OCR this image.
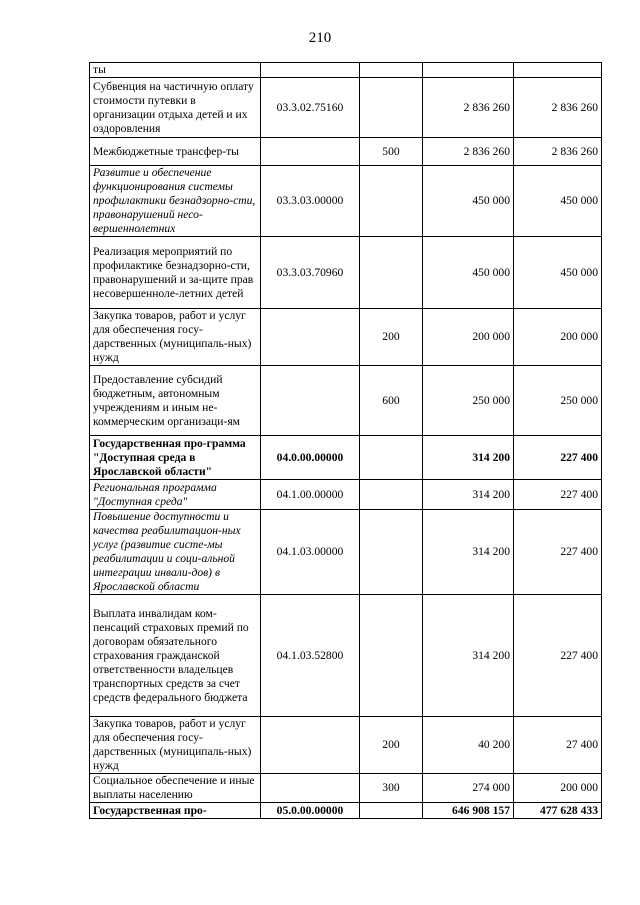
210
ты				
Субвенция на частичную оплату стоимости путевки в организации отдыха детей и их оздоровления	03.3.02.75160		2 836 260	2 836 260
Межбюджетные трансфер-ты		500	2 836 260	2 836 260
Развитие и обеспечение функционирования системы профилактики безнадзорно-сти, правонарушений несо-вершеннолетних	03.3.03.00000		450 000	450 000
Реализация мероприятий по профилактике безнадзорно-сти, правонарушений и за-щите прав несовершенноле-летних детей	03.3.03.70960		450 000	450 000
Закупка товаров, работ и услуг для обеспечения госу-дарственных (муниципаль-ных) нужд		200	200 000	200 000
Предоставление субсидий бюджетным, автономным учреждениям и иным не-коммерческим организаци-ям		600	250 000	250 000
Государственная про-грамма "Доступная среда в Ярославской области"	04.0.00.00000		314 200	227 400
Региональная программа "Доступная среда"	04.1.00.00000		314 200	227 400
Повышение доступности и качества реабилитацион-ных услуг (развитие систе-мы реабилитации и соци-альной интеграции инвали-дов) в Ярославской области	04.1.03.00000		314 200	227 400
Выплата инвалидам ком-пенсаций страховых премий по договорам обязательного страхования гражданской ответственности владельцев транспортных средств за счет средств федерального бюджета	04.1.03.52800		314 200	227 400
Закупка товаров, работ и услуг для обеспечения госу-дарственных (муниципаль-ных) нужд		200	40 200	27 400
Социальное обеспечение и иные выплаты населению		300	274 000	200 000
Государственная про-	05.0.00.00000		646 908 157	477 628 433
